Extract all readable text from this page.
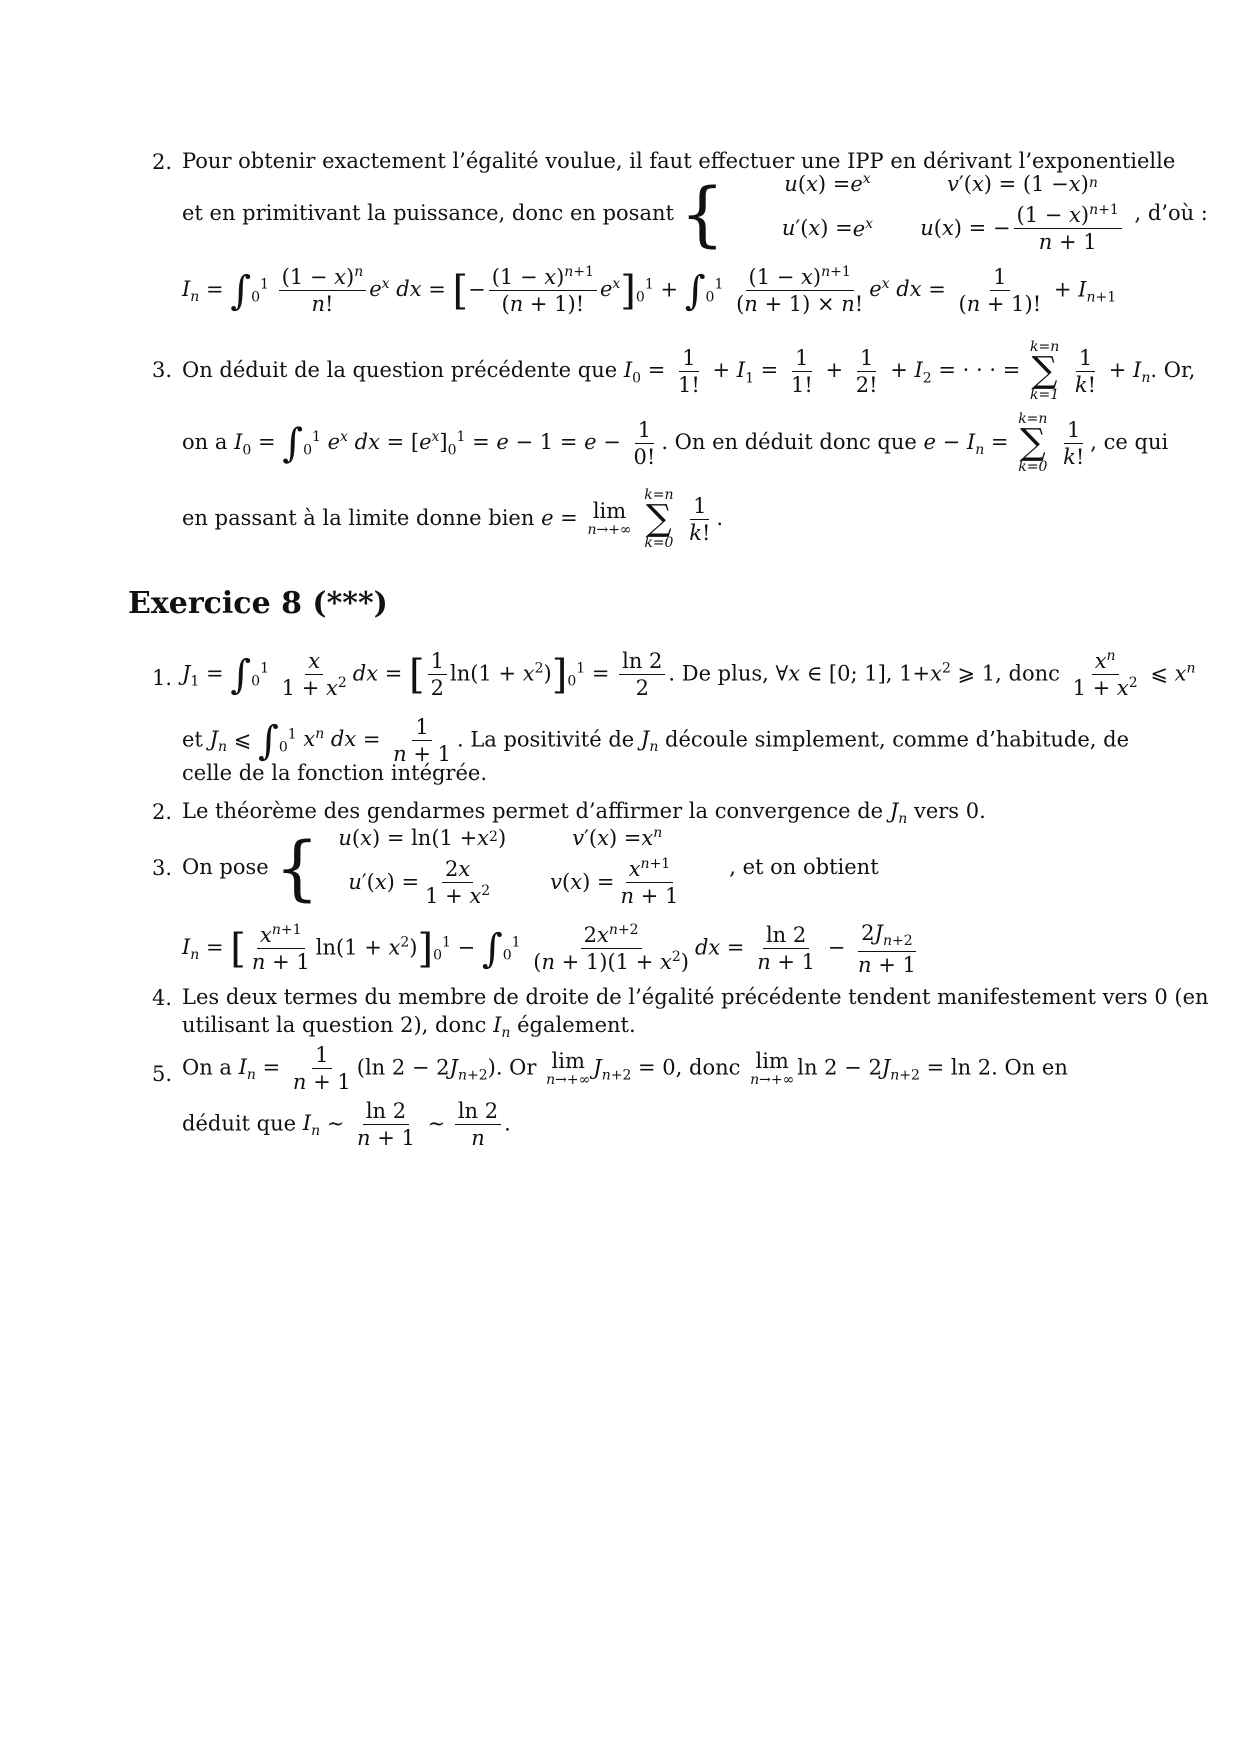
2. Pour obtenir exactement l’égalité voulue, il faut effectuer une IPP en dérivant l’exponentielle
et en primitivant la puissance, donc en posant {	u ( x ) = $e^x$	v ′( x ) = (1 − x ) n
u ′( x ) = $e^x$ u ( x ) = − $\frac{(1 - x)^{n+1}}{n + 1}$ , d’où :
$I_n = \int_0^1 \frac{(1 - x)^n}{n!} e^x$ dx = [− $\frac{(1 - x)^{n+1}}{(n + 1)!} e^x]_0^1 + \int_0^1 \frac{(1 - x)^{n+1}}{(n + 1) \times n!} e^x$ dx = $\frac{1}{(n + 1)!} + I_{n+1}$
3. On déduit de la question précédente que $I_0 = \frac{1}{1!} + I_1 = \frac{1}{1!} + \frac{1}{2!} + I_2$ = · · · =
k=n
∑
k=1
$\frac{1}{k!} + I_n$. Or,
on a $I_0 = \int_0^1$ $e^x$ dx = $[e^x]_0^1 = e - 1 = e - \frac{1}{0!}$ . On en déduit donc que $e - I_n$ =
k=n
∑
k=0
$\frac{1}{k!}$ , ce qui
en passant à la limite donne bien e = lim
n→+∞

k=n
∑
k=0
$\frac{1}{k!}$ .
Exercice 8 (***)
1. $J_1 = \int_0^1 \frac{x}{1 + x^2}$ dx = [ $\frac{1}{2} \ln(1 + x^2)]_0^1 = \frac{\ln 2}{2}$ . De plus, ∀x ∈ [0; 1], $1+x^2$ ⩾ 1, donc $\frac{x^n}{1 + x^2}$ ⩽ $x^n$
et $J_n$ ⩽ $\int_0^1$ $x^n$ dx = $\frac{1}{n + 1}$ . La positivité de $J_n$ découle simplement, comme d’habitude, de
celle de la fonction intégrée.
2. Le théorème des gendarmes permet d’affirmer la convergence de $J_n$ vers 0.
3. On pose { u ( x ) = ln(1 + x 2 )	v ′( x ) = $x^n$
u ′( x ) = $\frac{2x}{1 + x^2}$	v ( x ) = $\frac{x^{n+1}}{n + 1}$ , et on obtient
$I_n$ = [ $\frac{x^{n+1}}{n + 1} \ln(1 + x^2)]_0^1 - \int_0^1 \frac{2x^{n+2}}{(n + 1)(1 + x^2)}$ dx = $\frac{\ln 2}{n + 1} - \frac{2J_{n+2}}{n + 1}$
4. Les deux termes du membre de droite de l’égalité précédente tendent manifestement vers 0 (en
utilisant la question 2), donc $I_n$ également.
5. On a $I_n = \frac{1}{n + 1} (\ln$ $2 - 2J_{n+2}$). Or lim
n→+∞
$J_{n+2} = 0$, donc lim
n→+∞
$\ln 2 - 2J_{n+2} = \ln 2$. On en
déduit que $I_n$ ∼ $\frac{\ln 2}{n + 1}$ ∼ $\frac{\ln 2}{n}$ .
